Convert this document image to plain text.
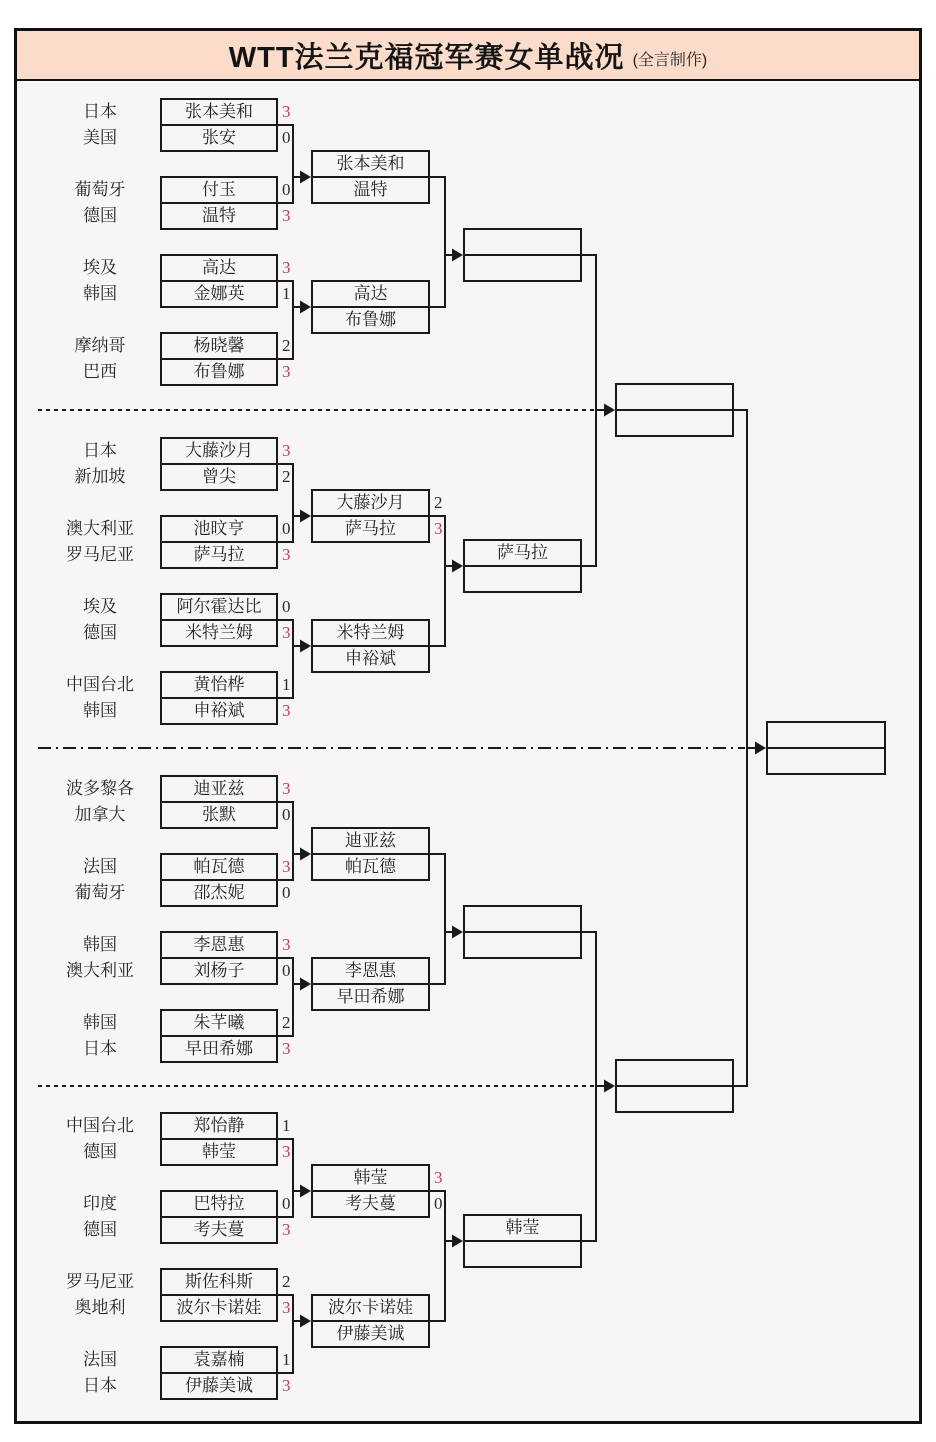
WTT法兰克福冠军赛女单战况 (全言制作)
日本
美国
葡萄牙
德国
埃及
韩国
摩纳哥
巴西
日本
新加坡
澳大利亚
罗马尼亚
埃及
德国
中国台北
韩国
波多黎各
加拿大
法国
葡萄牙
韩国
澳大利亚
韩国
日本
中国台北
德国
印度
德国
罗马尼亚
奥地利
法国
日本
张本美和
张安
付玉
温特
高达
金娜英
杨晓馨
布鲁娜
大藤沙月
曾尖
池旼亨
萨马拉
阿尔霍达比
米特兰姆
黄怡桦
申裕斌
迪亚兹
张默
帕瓦德
邵杰妮
李恩惠
刘杨子
朱芊曦
早田希娜
郑怡静
韩莹
巴特拉
考夫蔓
斯佐科斯
波尔卡诺娃
袁嘉楠
伊藤美诚
3
0
0
3
3
1
2
3
3
2
0
3
0
3
1
3
3
0
3
0
3
0
2
3
1
3
0
3
2
3
1
3
张本美和
温特
高达
布鲁娜
大藤沙月
萨马拉
米特兰姆
申裕斌
迪亚兹
帕瓦德
李恩惠
早田希娜
韩莹
考夫蔓
波尔卡诺娃
伊藤美诚
2
3
3
0
萨马拉
韩莹
